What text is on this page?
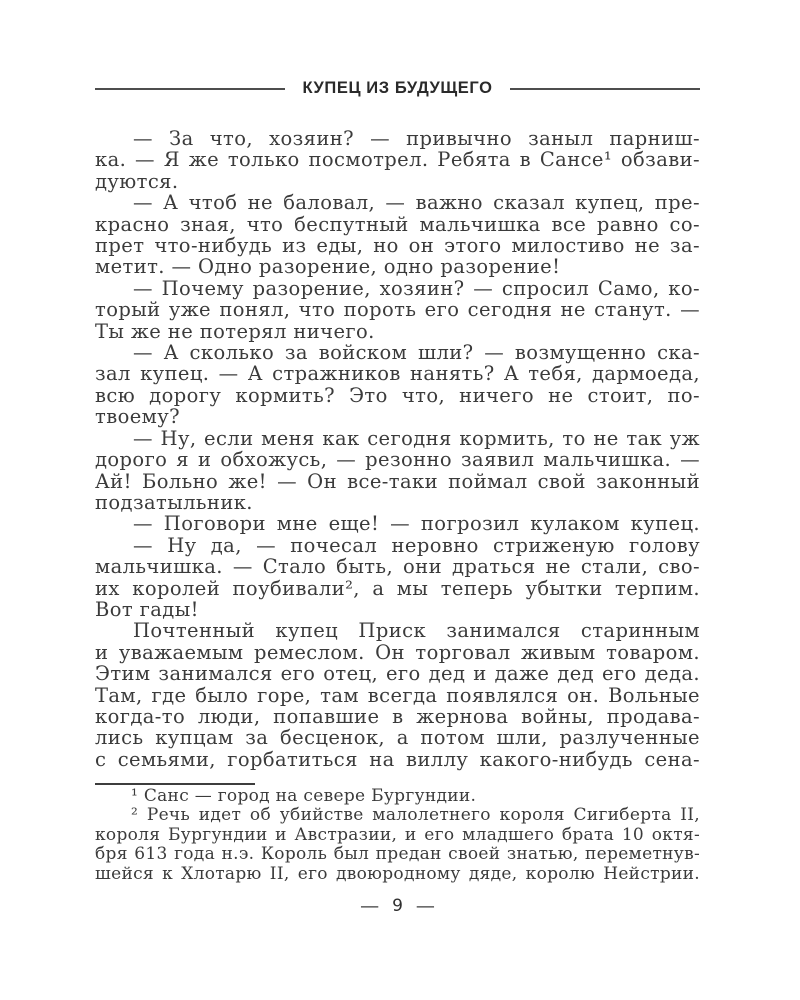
КУПЕЦ ИЗ БУДУЩЕГО
— За что, хозяин? — привычно заныл парниш-
ка. — Я же только посмотрел. Ребята в Сансе¹ обзави-
дуются.
— А чтоб не баловал, — важно сказал купец, пре-
красно зная, что беспутный мальчишка все равно со-
прет что-нибудь из еды, но он этого милостиво не за-
метит. — Одно разорение, одно разорение!
— Почему разорение, хозяин? — спросил Само, ко-
торый уже понял, что пороть его сегодня не станут. —
Ты же не потерял ничего.
— А сколько за войском шли? — возмущенно ска-
зал купец. — А стражников нанять? А тебя, дармоеда,
всю дорогу кормить? Это что, ничего не стоит, по-
твоему?
— Ну, если меня как сегодня кормить, то не так уж
дорого я и обхожусь, — резонно заявил мальчишка. —
Ай! Больно же! — Он все-таки поймал свой законный
подзатыльник.
— Поговори мне еще! — погрозил кулаком купец.
— Ну да, — почесал неровно стриженую голову
мальчишка. — Стало быть, они драться не стали, сво-
их королей поубивали², а мы теперь убытки терпим.
Вот гады!
Почтенный купец Приск занимался старинным
и уважаемым ремеслом. Он торговал живым товаром.
Этим занимался его отец, его дед и даже дед его деда.
Там, где было горе, там всегда появлялся он. Вольные
когда-то люди, попавшие в жернова войны, продава-
лись купцам за бесценок, а потом шли, разлученные
с семьями, горбатиться на виллу какого-нибудь сена-
¹ Санс — город на севере Бургундии.
² Речь идет об убийстве малолетнего короля Сигиберта II,
короля Бургундии и Австразии, и его младшего брата 10 октя-
бря 613 года н.э. Король был предан своей знатью, переметнув-
шейся к Хлотарю II, его двоюродному дяде, королю Нейстрии.
— 9 —
